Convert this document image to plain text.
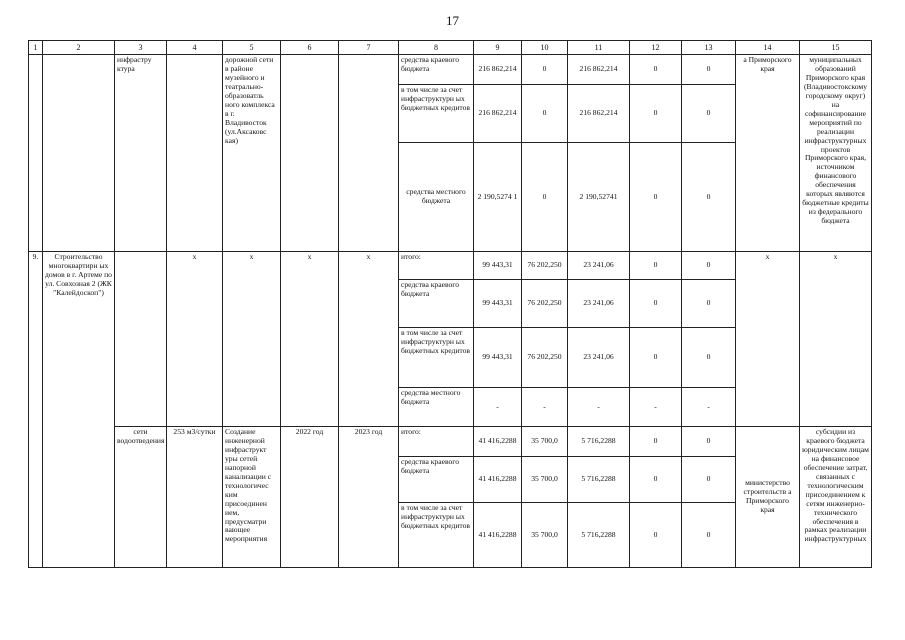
17
1	2	3	4	5	6	7	8	9	10	11	12	13	14	15
		инфрастру ктура		дорожной сети в районе музейного и театрально-образоватль ного комплекса в г. Владивосток (ул.Аксаковс кая)			средства краевого бюджета	216 862,214	0	216 862,214	0	0	а Приморского края	муниципальных образований Приморского края (Владивостокскому городскому округ) на софинансирование мероприятий по реализации инфраструктурных проектов Приморского края, источником финансового обеспечения которых являются бюджетные кредиты из федерального бюджета
							в том числе за счет инфраструктурн ых бюджетных кредитов	216 862,214	0	216 862,214	0	0		
							средства местного бюджета	2 190,5274 1	0	2 190,52741	0	0		
9.	Строительство многоквартирн ых домов в г. Артеме по ул. Совхозная 2 (ЖК "Калейдоскоп")		x	x	x	x	итого:	99 443,31	76 202,250	23 241,06	0	0	x	x
							средства краевого бюджета	99 443,31	76 202,250	23 241,06	0	0		
							в том числе за счет инфраструктурн ых бюджетных кредитов	99 443,31	76 202,250	23 241,06	0	0		
							средства местного бюджета	-	-	-	-	-		
		сети водоотведения	253 м3/сутки	Создание инженерной инфраструкт уры сетей напорной канализации с технологичес ким присоединен ием, предусматри вающее мероприятия	2022 год	2023 год	итого:	41 416,2288	35 700,0	5 716,2288	0	0	министерство строительств а Приморского края	субсидии из краевого бюджета юридическим лицам на финансовое обеспечение затрат, связанных с технологическим присоединением к сетям инженерно-технического обеспечения в рамках реализации инфраструктурных
							средства краевого бюджета	41 416,2288	35 700,0	5 716,2288	0	0		
							в том числе за счет инфраструктурн ых бюджетных кредитов	41 416,2288	35 700,0	5 716,2288	0	0		
